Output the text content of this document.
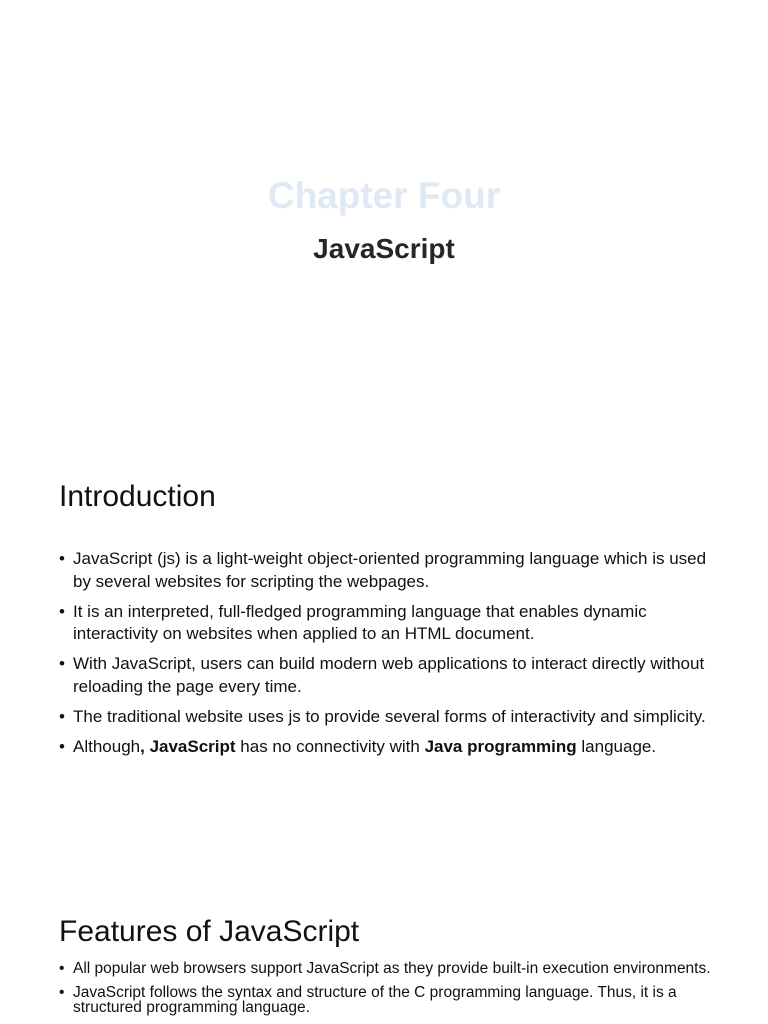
Chapter Four
JavaScript
Introduction
• JavaScript (js) is a light-weight object-oriented programming language which is used by several websites for scripting the webpages.
• It is an interpreted, full-fledged programming language that enables dynamic interactivity on websites when applied to an HTML document.
• With JavaScript, users can build modern web applications to interact directly without reloading the page every time.
• The traditional website uses js to provide several forms of interactivity and simplicity.
• Although, JavaScript has no connectivity with Java programming language.
Features of JavaScript
• All popular web browsers support JavaScript as they provide built-in execution environments.
• JavaScript follows the syntax and structure of the C programming language. Thus, it is a structured programming language.
